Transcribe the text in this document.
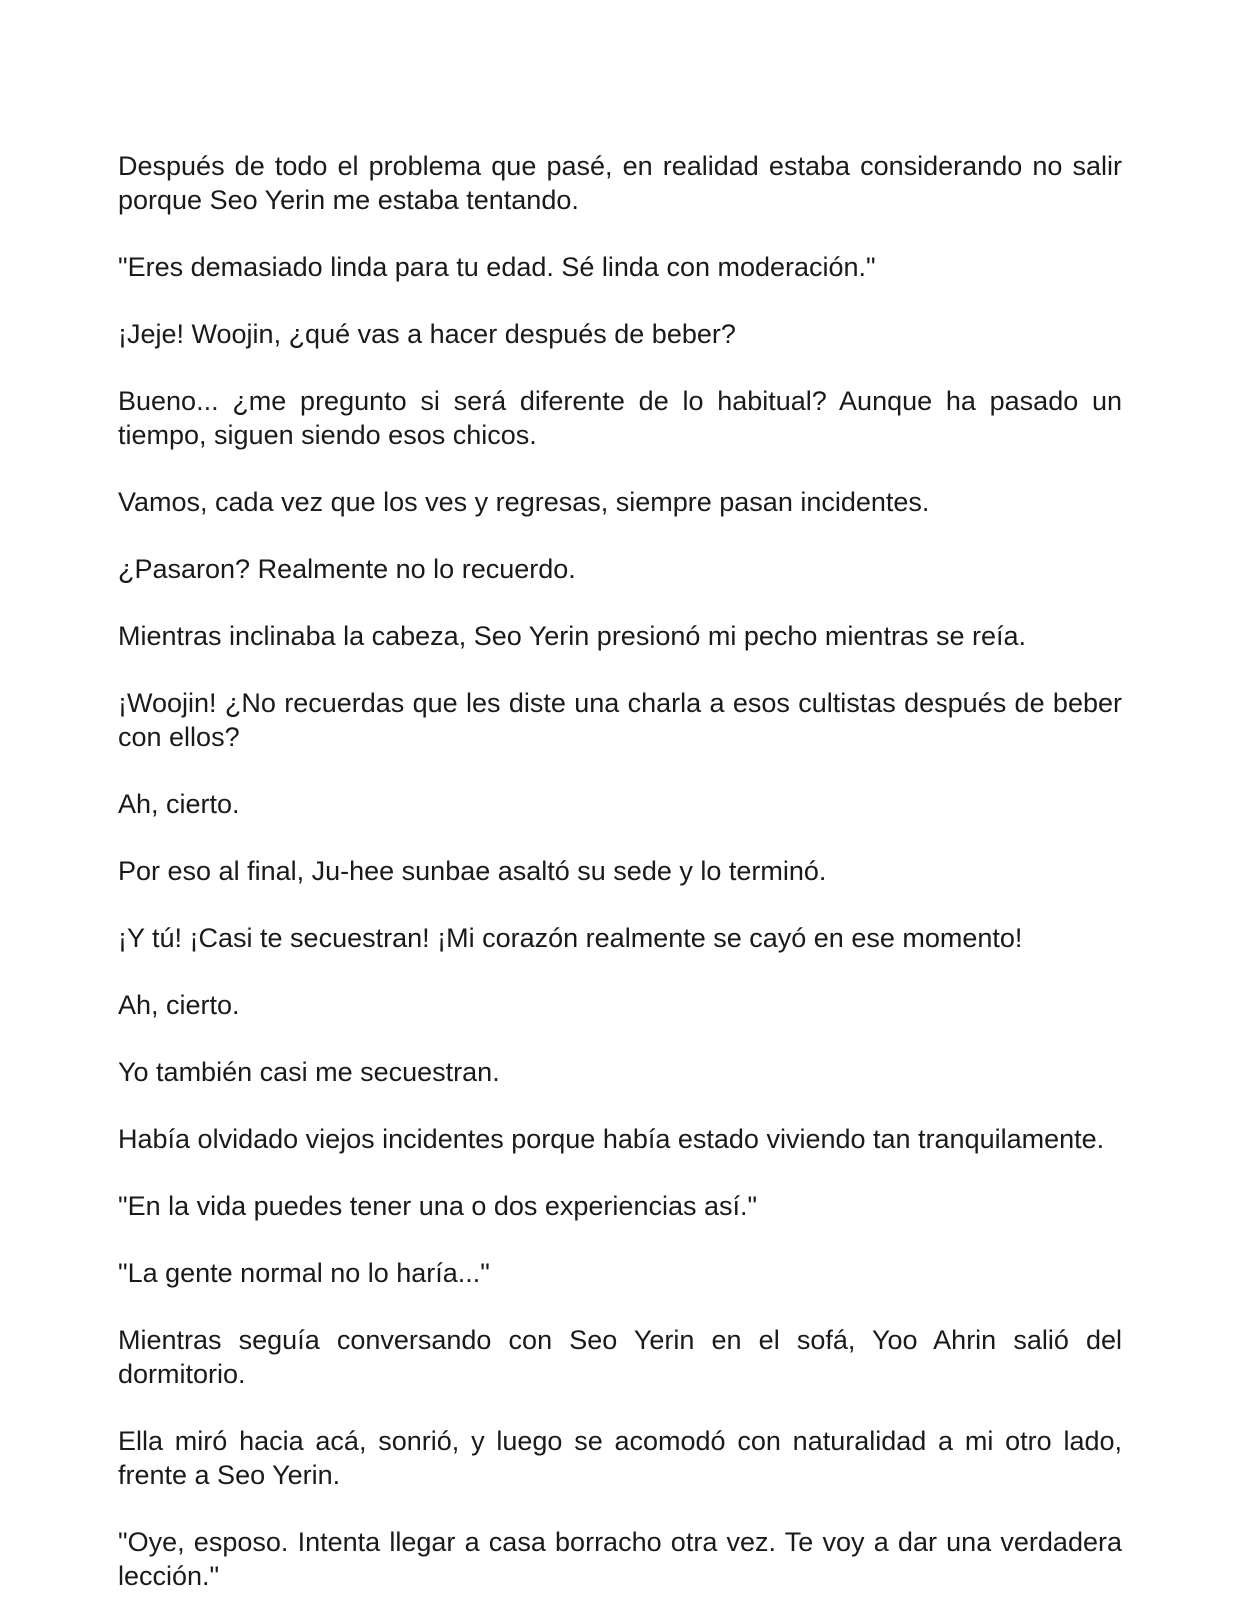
Después de todo el problema que pasé, en realidad estaba considerando no salir porque Seo Yerin me estaba tentando.

"Eres demasiado linda para tu edad. Sé linda con moderación."

¡Jeje! Woojin, ¿qué vas a hacer después de beber?

Bueno... ¿me pregunto si será diferente de lo habitual? Aunque ha pasado un tiempo, siguen siendo esos chicos.

Vamos, cada vez que los ves y regresas, siempre pasan incidentes.

¿Pasaron? Realmente no lo recuerdo.

Mientras inclinaba la cabeza, Seo Yerin presionó mi pecho mientras se reía.

¡Woojin! ¿No recuerdas que les diste una charla a esos cultistas después de beber con ellos?

Ah, cierto.

Por eso al final, Ju-hee sunbae asaltó su sede y lo terminó.

¡Y tú! ¡Casi te secuestran! ¡Mi corazón realmente se cayó en ese momento!

Ah, cierto.

Yo también casi me secuestran.

Había olvidado viejos incidentes porque había estado viviendo tan tranquilamente.

"En la vida puedes tener una o dos experiencias así."

"La gente normal no lo haría..."

Mientras seguía conversando con Seo Yerin en el sofá, Yoo Ahrin salió del dormitorio.

Ella miró hacia acá, sonrió, y luego se acomodó con naturalidad a mi otro lado, frente a Seo Yerin.

"Oye, esposo. Intenta llegar a casa borracho otra vez. Te voy a dar una verdadera lección."
